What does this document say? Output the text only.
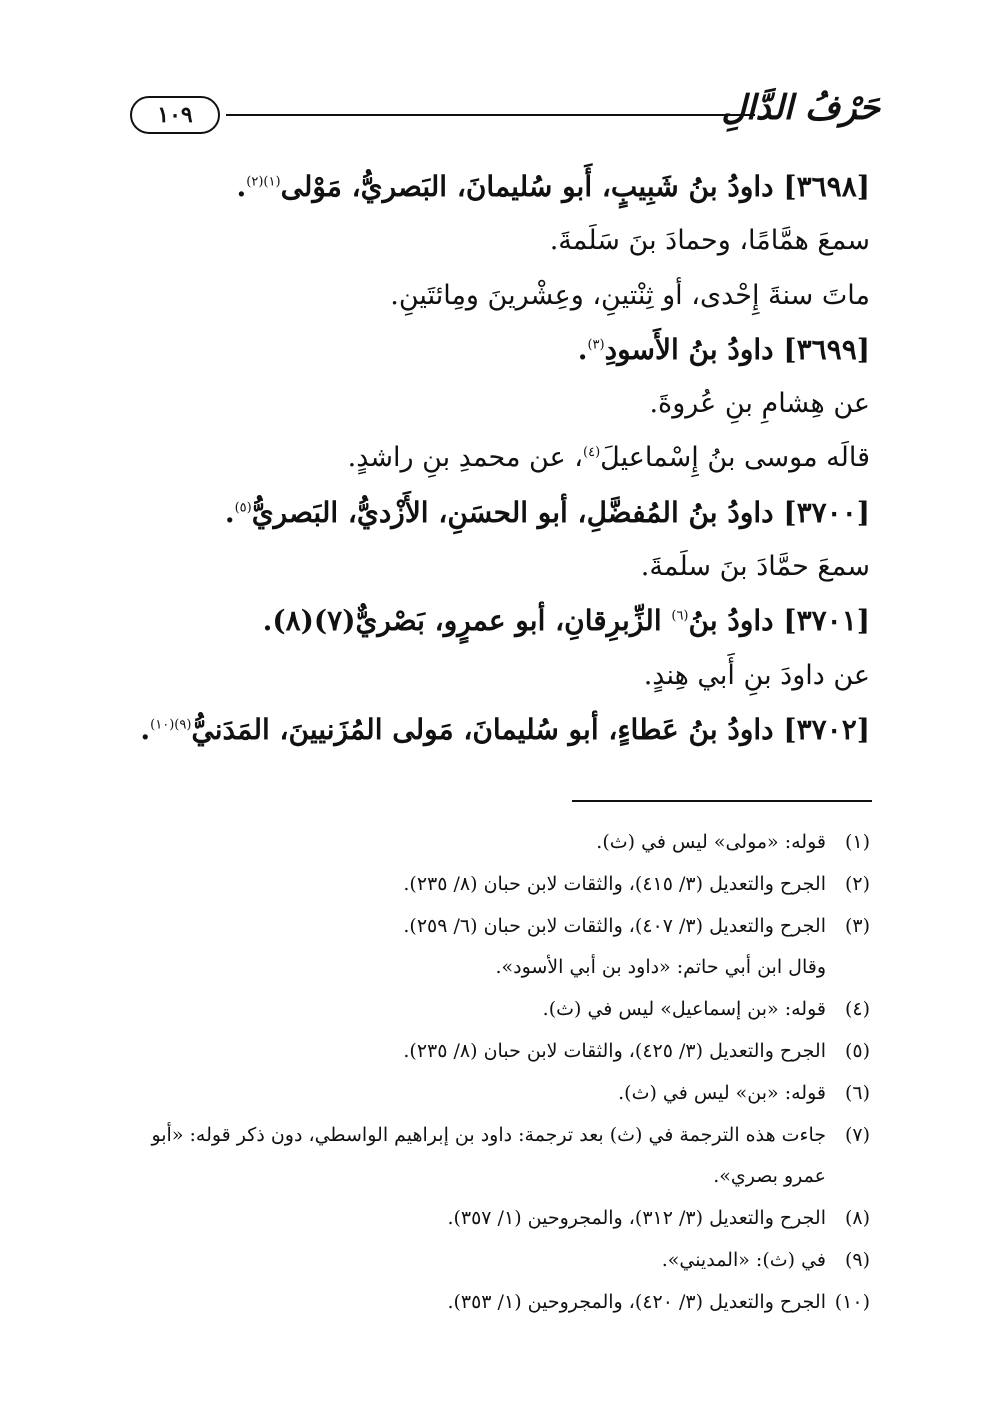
١٠٩	حَرْفُ الدَّالِ
[٣٦٩٨] داودُ بنُ شَبِيبٍ، أَبو سُليمانَ، البَصريُّ، مَوْلى$^{(١)(٢)}$.
سمعَ همَّامًا، وحمادَ بنَ سَلَمةَ.
ماتَ سنةَ إِحْدى، أو ثِنْتينِ، وعِشْرينَ ومِائتَينِ.
[٣٦٩٩] داودُ بنُ الأَسودِ$^{(٣)}$.
عن هِشامِ بنِ عُروةَ.
قالَه موسى بنُ إِسْماعيلَ$^{(٤)}$، عن محمدِ بنِ راشدٍ.
[٣٧٠٠] داودُ بنُ المُفضَّلِ، أبو الحسَنِ، الأَزْديُّ، البَصريُّ$^{(٥)}$.
سمعَ حمَّادَ بنَ سلَمةَ.
[٣٧٠١] داودُ بنُ$^{(٦)}$ الزِّبرِقانِ، أبو عمرٍو، بَصْريٌّ(٧)(٨).
عن داودَ بنِ أَبي هِندٍ.
[٣٧٠٢] داودُ بنُ عَطاءٍ، أبو سُليمانَ، مَولى المُزَنيينَ، المَدَنيُّ$^{(٩)(١٠)}$.
(١)قوله: «مولى» ليس في (ث).
(٢)الجرح والتعديل (٣/ ٤١٥)، والثقات لابن حبان (٨/ ٢٣٥).
(٣)الجرح والتعديل (٣/ ٤٠٧)، والثقات لابن حبان (٦/ ٢٥٩).
وقال ابن أبي حاتم: «داود بن أبي الأسود».
(٤)قوله: «بن إسماعيل» ليس في (ث).
(٥)الجرح والتعديل (٣/ ٤٢٥)، والثقات لابن حبان (٨/ ٢٣٥).
(٦)قوله: «بن» ليس في (ث).
(٧)جاءت هذه الترجمة في (ث) بعد ترجمة: داود بن إبراهيم الواسطي، دون ذكر قوله: «أبو
عمرو بصري».
(٨)الجرح والتعديل (٣/ ٣١٢)، والمجروحين (١/ ٣٥٧).
(٩)في (ث): «المديني».
(١٠)الجرح والتعديل (٣/ ٤٢٠)، والمجروحين (١/ ٣٥٣).
